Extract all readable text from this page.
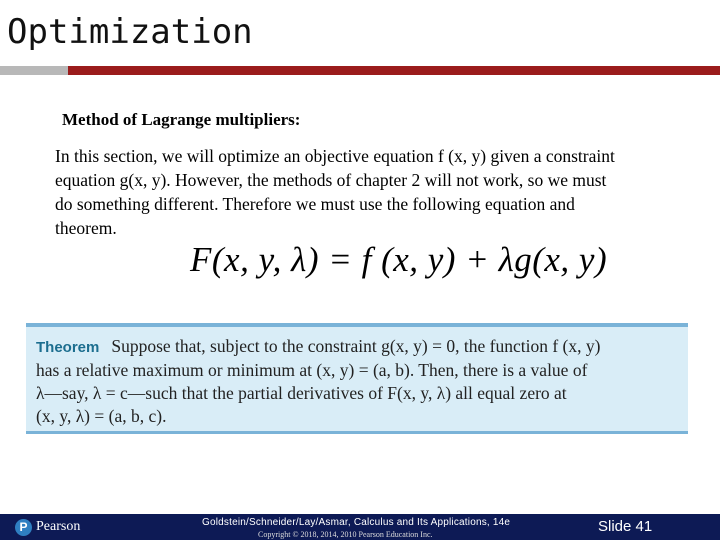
Optimization
Method of Lagrange multipliers:
In this section, we will optimize an objective equation f (x, y) given a constraint
equation g(x, y). However, the methods of chapter 2 will not work, so we must
do something different. Therefore we must use the following equation and
theorem.
F(x, y, λ) = f (x, y) + λg(x, y)
Theorem Suppose that, subject to the constraint g(x, y) = 0, the function f (x, y)
has a relative maximum or minimum at (x, y) = (a, b). Then, there is a value of
λ—say, λ = c—such that the partial derivatives of F(x, y, λ) all equal zero at
(x, y, λ) = (a, b, c).
P Pearson	Goldstein/Schneider/Lay/Asmar, Calculus and Its Applications, 14e
Copyright © 2018, 2014, 2010 Pearson Education Inc.	Slide 41
